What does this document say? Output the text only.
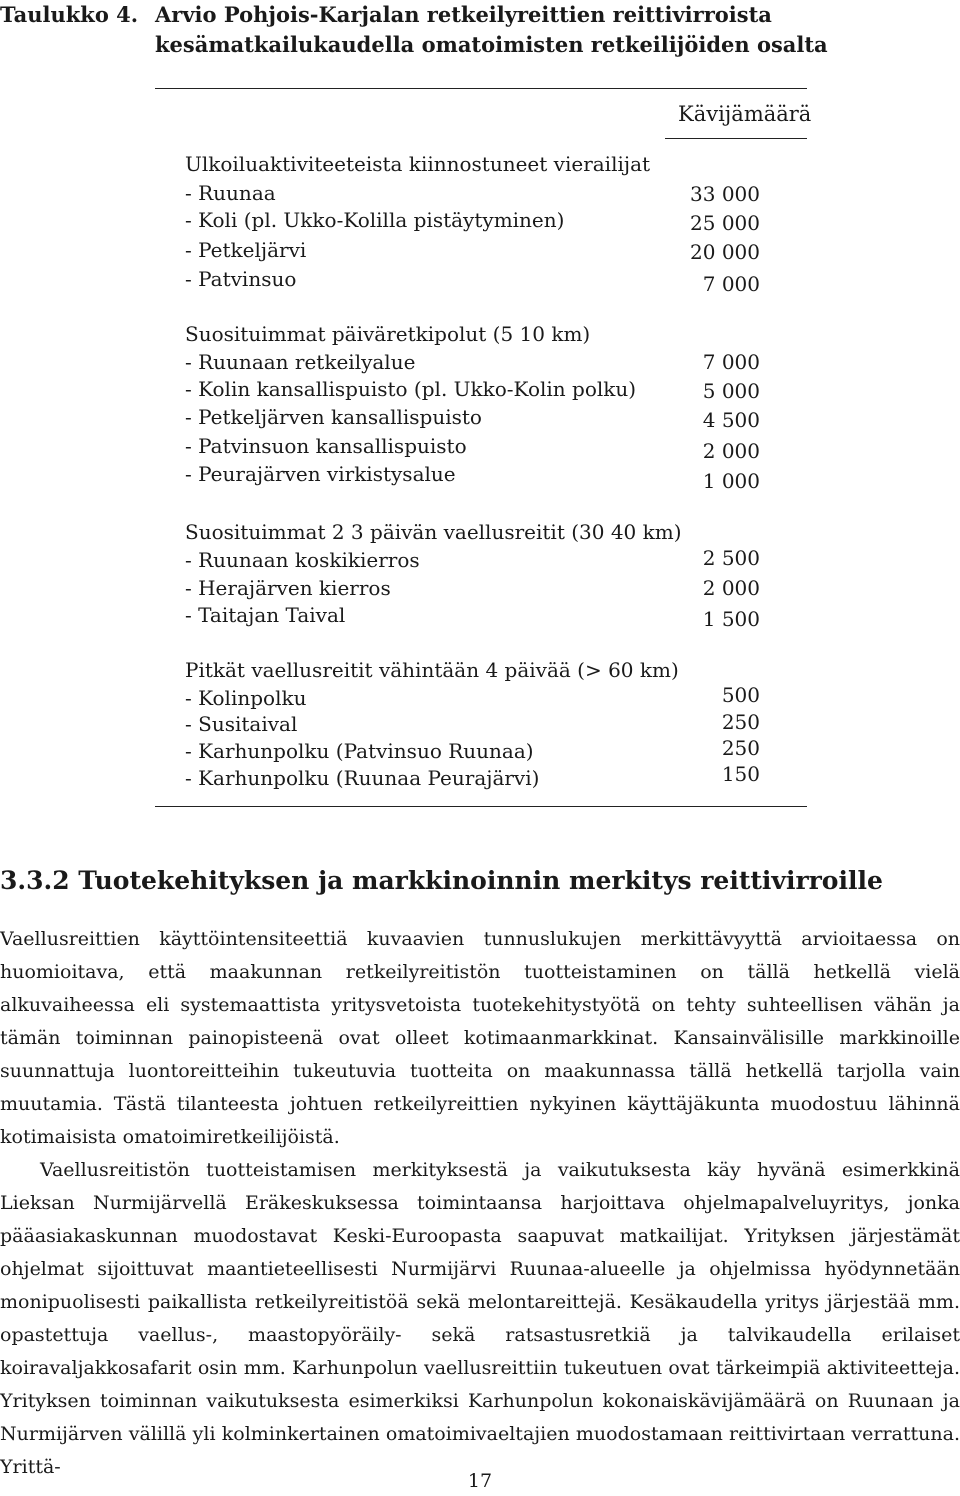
Taulukko 4. Arvio Pohjois-Karjalan retkeilyreittien reittivirroista
kesämatkailukaudella omatoimisten retkeilijöiden osalta
Kävijämäärä
Ulkoiluaktiviteeteista kiinnostuneet vierailijat
- Ruunaa	33 000
- Koli (pl. Ukko-Kolilla pistäytyminen)	25 000
- Petkeljärvi	20 000
- Patvinsuo	7 000
Suosituimmat päiväretkipolut (5 10 km)
- Ruunaan retkeilyalue	7 000
- Kolin kansallispuisto (pl. Ukko-Kolin polku)	5 000
- Petkeljärven kansallispuisto	4 500
- Patvinsuon kansallispuisto	2 000
- Peurajärven virkistysalue	1 000
Suosituimmat 2 3 päivän vaellusreitit (30 40 km)
- Ruunaan koskikierros	2 500
- Herajärven kierros	2 000
- Taitajan Taival	1 500
Pitkät vaellusreitit vähintään 4 päivää (> 60 km)
- Kolinpolku	500
- Susitaival	250
- Karhunpolku (Patvinsuo Ruunaa)	250
- Karhunpolku (Ruunaa Peurajärvi)	150
3.3.2 Tuotekehityksen ja markkinoinnin merkitys reittivirroille

Vaellusreittien käyttöintensiteettiä kuvaavien tunnuslukujen merkittävyyttä arvioitaessa on huomioitava, että maakunnan retkeilyreitistön tuotteistaminen on tällä hetkellä vielä alkuvaiheessa eli systemaattista yritysvetoista tuotekehitystyötä on tehty suhteellisen vähän ja tämän toiminnan painopisteenä ovat olleet kotimaanmarkkinat. Kansainvälisille markkinoille suunnattuja luontoreitteihin tukeutuvia tuotteita on maakunnassa tällä hetkellä tarjolla vain muutamia. Tästä tilanteesta johtuen retkeilyreittien nykyinen käyttäjäkunta muodostuu lähinnä kotimaisista omatoimiretkeilijöistä.

Vaellusreitistön tuotteistamisen merkityksestä ja vaikutuksesta käy hyvänä esimerkkinä Lieksan Nurmijärvellä Eräkeskuksessa toimintaansa harjoittava ohjelmapalveluyritys, jonka pääasiakaskunnan muodostavat Keski-Euroopasta saapuvat matkailijat. Yrityksen järjestämät ohjelmat sijoittuvat maantieteellisesti Nurmijärvi Ruunaa-alueelle ja ohjelmissa hyödynnetään monipuolisesti paikallista retkeilyreitistöä sekä melontareittejä. Kesäkaudella yritys järjestää mm. opastettuja vaellus-, maastopyöräily- sekä ratsastusretkiä ja talvikaudella erilaiset koiravaljakkosafarit osin mm. Karhunpolun vaellusreittiin tukeutuen ovat tärkeimpiä aktiviteetteja. Yrityksen toiminnan vaikutuksesta esimerkiksi Karhunpolun kokonaiskävijämäärä on Ruunaan ja Nurmijärven välillä yli kolminkertainen omatoimivaeltajien muodostamaan reittivirtaan verrattuna. Yrittä-

17
